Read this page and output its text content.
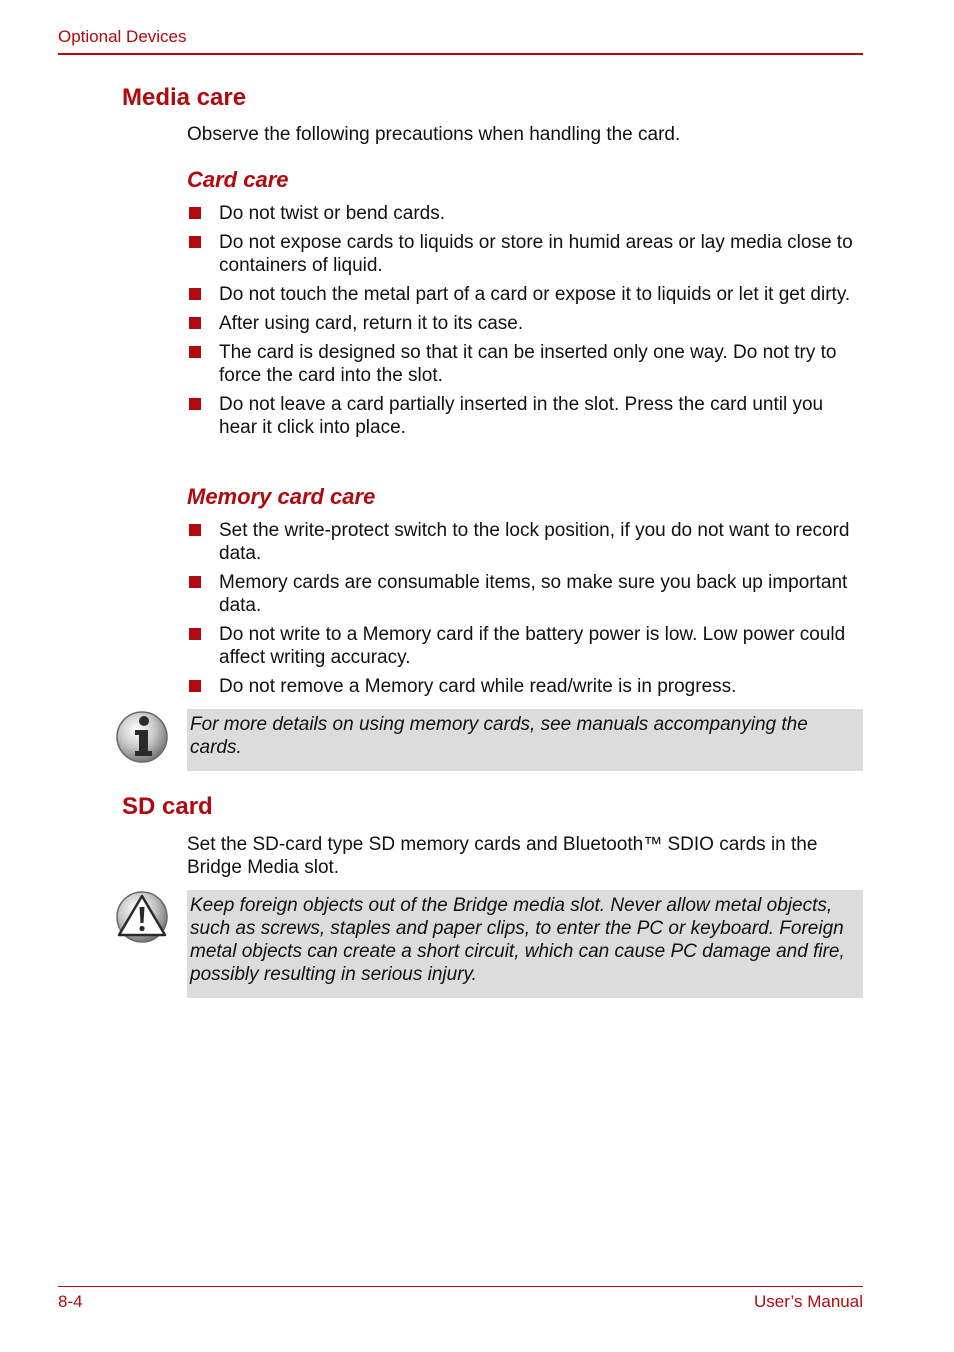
Optional Devices
Media care

Observe the following precautions when handling the card.

Card care
Do not twist or bend cards.
Do not expose cards to liquids or store in humid areas or lay media close to containers of liquid.
Do not touch the metal part of a card or expose it to liquids or let it get dirty.
After using card, return it to its case.
The card is designed so that it can be inserted only one way. Do not try to force the card into the slot.
Do not leave a card partially inserted in the slot. Press the card until you hear it click into place.
Memory card care
Set the write-protect switch to the lock position, if you do not want to record data.
Memory cards are consumable items, so make sure you back up important data.
Do not write to a Memory card if the battery power is low. Low power could affect writing accuracy.
Do not remove a Memory card while read/write is in progress.
For more details on using memory cards, see manuals accompanying the cards.
SD card

Set the SD-card type SD memory cards and Bluetooth™ SDIO cards in the Bridge Media slot.

Keep foreign objects out of the Bridge media slot. Never allow metal objects, such as screws, staples and paper clips, to enter the PC or keyboard. Foreign metal objects can create a short circuit, which can cause PC damage and fire, possibly resulting in serious injury.
8-4	User’s Manual
